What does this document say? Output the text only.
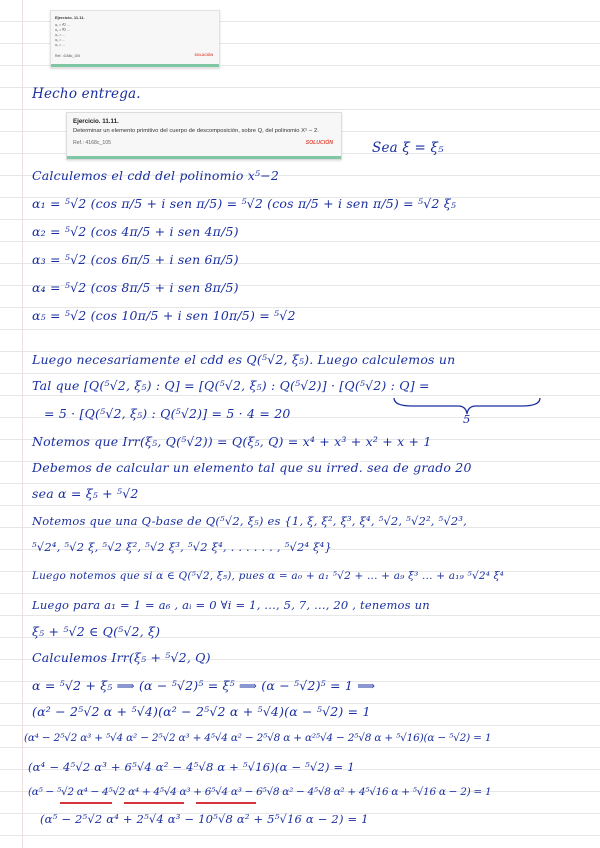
Ejercicio. 11.11.
α₁ = ∜2 ...
α₂ = ∛2 ...
α₃ = ...
α₄ = ...
α₅ = ...
Ref.: 4168c_105	SOLUCIÓN
Hecho entrega.
Ejercicio. 11.11.
Determinar un elemento primitivo del cuerpo de descomposición, sobre Q, del polinomio X⁵ − 2.
Ref.: 4168c_105	SOLUCIÓN	Sea ξ = ξ₅
Calculemos el cdd del polinomio x⁵−2
α₁ = ⁵√2 (cos π/5 + i sen π/5) = ⁵√2 (cos π/5 + i sen π/5) = ⁵√2 ξ₅
α₂ = ⁵√2 (cos 4π/5 + i sen 4π/5)
α₃ = ⁵√2 (cos 6π/5 + i sen 6π/5)
α₄ = ⁵√2 (cos 8π/5 + i sen 8π/5)
α₅ = ⁵√2 (cos 10π/5 + i sen 10π/5) = ⁵√2
Luego necesariamente el cdd es Q(⁵√2, ξ₅). Luego calculemos un
Tal que [Q(⁵√2, ξ₅) : Q] = [Q(⁵√2, ξ₅) : Q(⁵√2)] · [Q(⁵√2) : Q] =
5
= 5 · [Q(⁵√2, ξ₅) : Q(⁵√2)] = 5 · 4 = 20
Notemos que Irr(ξ₅, Q(⁵√2)) = Q(ξ₅, Q) = x⁴ + x³ + x² + x + 1
Debemos de calcular un elemento tal que su irred. sea de grado 20
sea α = ξ₅ + ⁵√2
Notemos que una Q-base de Q(⁵√2, ξ₅) es {1, ξ, ξ², ξ³, ξ⁴, ⁵√2, ⁵√2², ⁵√2³,
⁵√2⁴, ⁵√2 ξ, ⁵√2 ξ², ⁵√2 ξ³, ⁵√2 ξ⁴, . . . . . . , ⁵√2⁴ ξ⁴}
Luego notemos que si α ∈ Q(⁵√2, ξ₅), pues α = a₀ + a₁ ⁵√2 + ... + a₉ ξ³ ... + a₁₉ ⁵√2⁴ ξ⁴
Luego para a₁ = 1 = a₆ , aᵢ = 0 ∀i = 1, ..., 5, 7, ..., 20 , tenemos un
ξ₅ + ⁵√2 ∈ Q(⁵√2, ξ)
Calculemos Irr(ξ₅ + ⁵√2, Q)
α = ⁵√2 + ξ₅ ⟹ (α − ⁵√2)⁵ = ξ⁵ ⟹ (α − ⁵√2)⁵ = 1 ⟹
(α² − 2⁵√2 α + ⁵√4)(α² − 2⁵√2 α + ⁵√4)(α − ⁵√2) = 1
(α⁴ − 2⁵√2 α³ + ⁵√4 α² − 2⁵√2 α³ + 4⁵√4 α² − 2⁵√8 α + α²⁵√4 − 2⁵√8 α + ⁵√16)(α − ⁵√2) = 1
(α⁴ − 4⁵√2 α³ + 6⁵√4 α² − 4⁵√8 α + ⁵√16)(α − ⁵√2) = 1
(α⁵ − ⁵√2 α⁴ − 4⁵√2 α⁴ + 4⁵√4 α³ + 6⁵√4 α³ − 6⁵√8 α² − 4⁵√8 α² + 4⁵√16 α + ⁵√16 α − 2) = 1
(α⁵ − 2⁵√2 α⁴ + 2⁵√4 α³ − 10⁵√8 α² + 5⁵√16 α − 2) = 1
